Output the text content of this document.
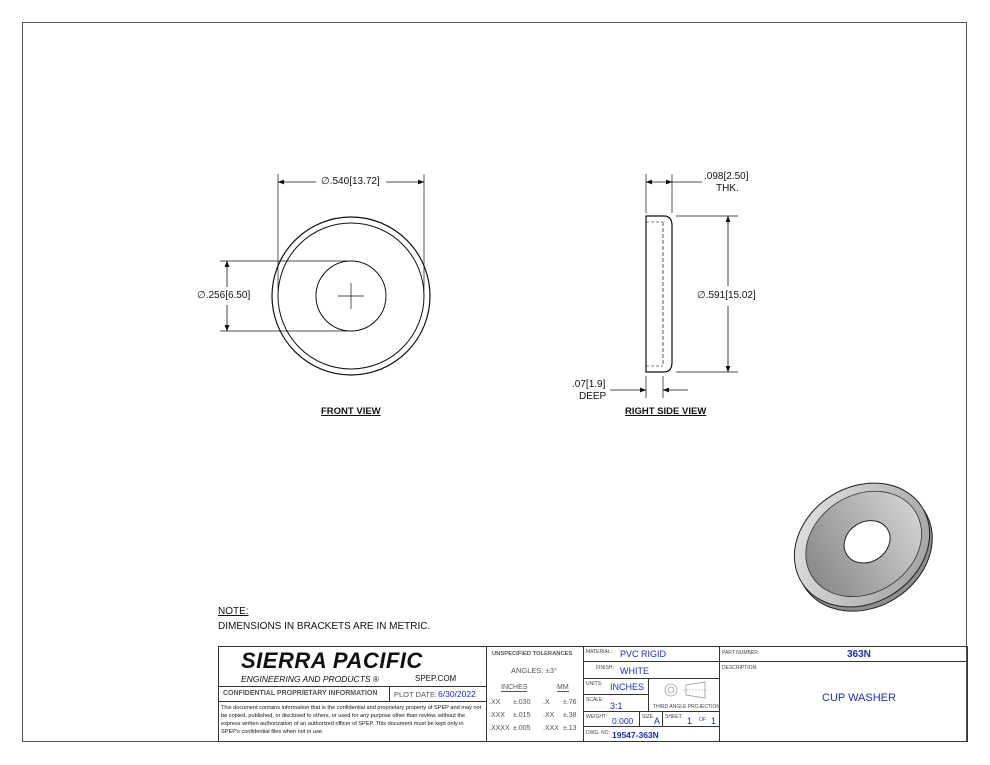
∅.540[13.72]
∅.256[6.50]
FRONT VIEW
.098[2.50]
THK.
∅.591[15.02]
.07[1.9]
DEEP
RIGHT SIDE VIEW
NOTE:
DIMENSIONS IN BRACKETS ARE IN METRIC.
SIERRA PACIFIC
ENGINEERING AND PRODUCTS ®	SPEP.COM
CONFIDENTIAL PROPRIETARY INFORMATION PLOT DATE: 6/30/2022
This document contains information that is the confidential and proprietary property of SPEP and may not be copied, published, or disclosed to others, or used for any purpose other than review, without the express written authorization of an authorized officer of SPEP. This document must be kept only in SPEP's confidential files when not in use.
UNSPECIFIED TOLERANCES
ANGLES: ±3°
INCHES	MM
.XX ±.030 .X ±.76
.XXX ±.015 .XX ±.38
.XXXX ±.005 .XXX ±.13
MATERIAL: PVC RIGID
FINISH: WHITE
UNITS: INCHES
SCALE:
3:1	THIRD ANGLE PROJECTION
WEIGHT: 0.000 SIZE A SHEET 1 OF 1
DWG. NO: 19547-363N
PART NUMBER:	363N
DESCRIPTION:
CUP WASHER
